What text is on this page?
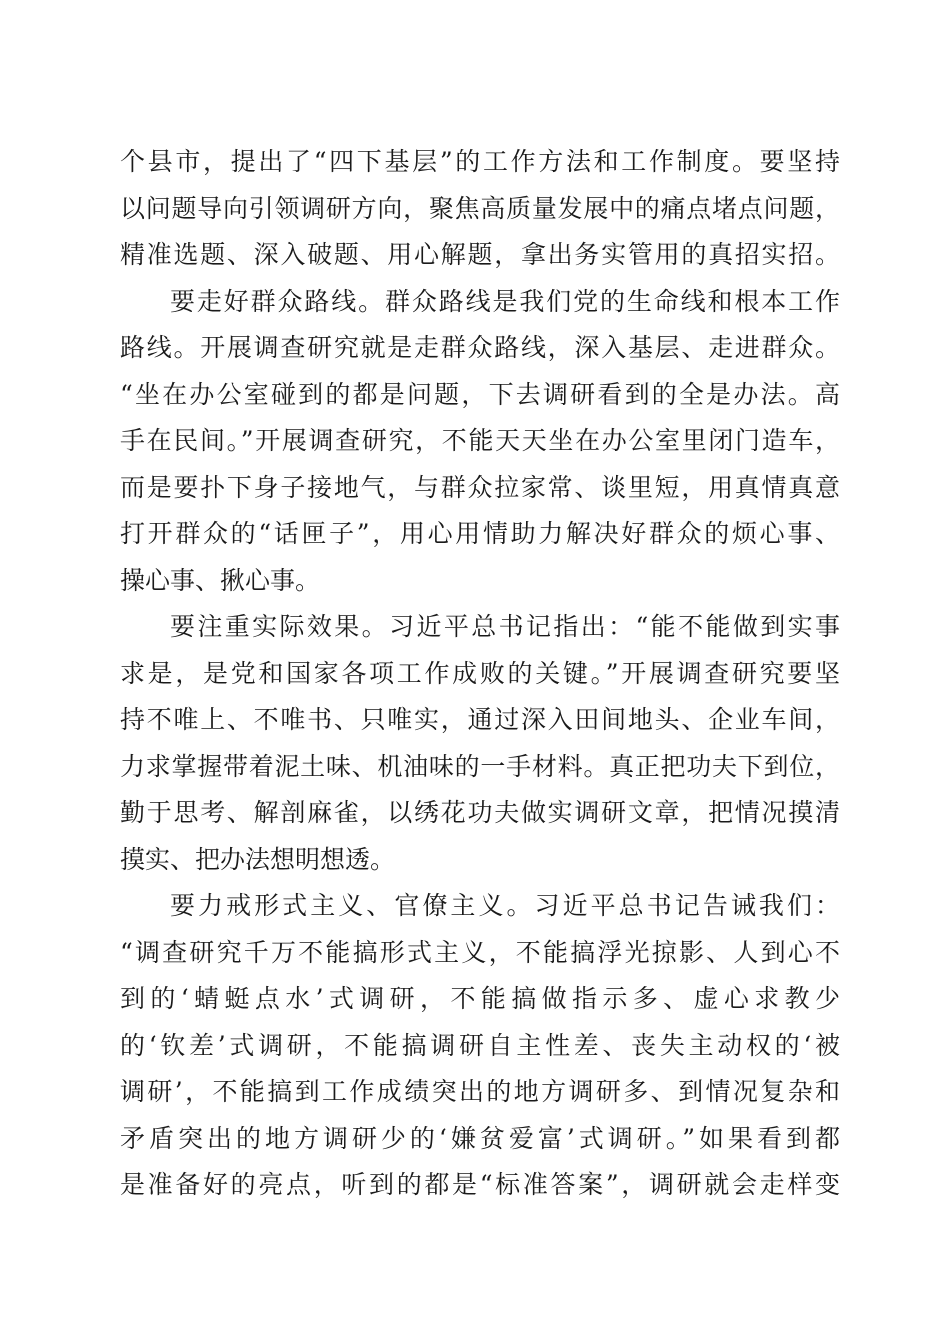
个县市，提出了“四下基层”的工作方法和工作制度。要坚持
以问题导向引领调研方向，聚焦高质量发展中的痛点堵点问题，
精准选题、深入破题、用心解题，拿出务实管用的真招实招。
要走好群众路线。群众路线是我们党的生命线和根本工作
路线。开展调查研究就是走群众路线，深入基层、走进群众。
“坐在办公室碰到的都是问题，下去调研看到的全是办法。高
手在民间。”开展调查研究，不能天天坐在办公室里闭门造车，
而是要扑下身子接地气，与群众拉家常、谈里短，用真情真意
打开群众的“话匣子”，用心用情助力解决好群众的烦心事、
操心事、揪心事。
要注重实际效果。习近平总书记指出：“能不能做到实事
求是，是党和国家各项工作成败的关键。”开展调查研究要坚
持不唯上、不唯书、只唯实，通过深入田间地头、企业车间，
力求掌握带着泥土味、机油味的一手材料。真正把功夫下到位，
勤于思考、解剖麻雀，以绣花功夫做实调研文章，把情况摸清
摸实、把办法想明想透。
要力戒形式主义、官僚主义。习近平总书记告诫我们：
“调查研究千万不能搞形式主义，不能搞浮光掠影、人到心不
到的‘蜻蜓点水’式调研，不能搞做指示多、虚心求教少
的‘钦差’式调研，不能搞调研自主性差、丧失主动权的‘被
调研’，不能搞到工作成绩突出的地方调研多、到情况复杂和
矛盾突出的地方调研少的‘嫌贫爱富’式调研。”如果看到都
是准备好的亮点，听到的都是“标准答案”，调研就会走样变
